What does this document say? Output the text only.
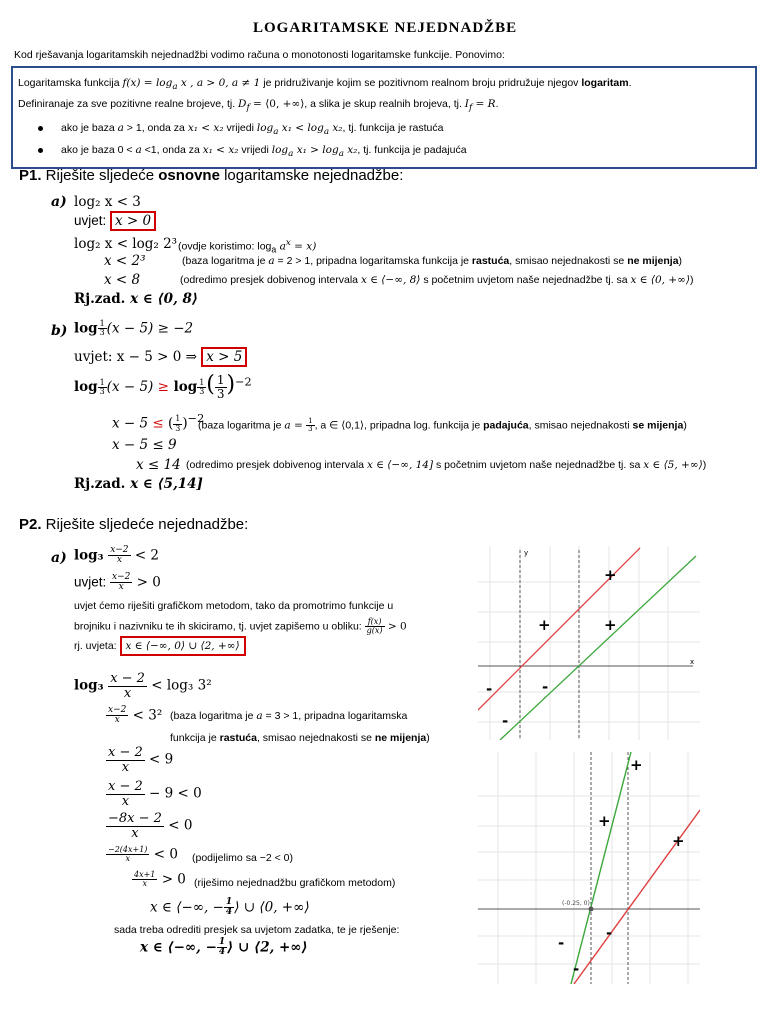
LOGARITAMSKE NEJEDNADŽBE
Kod rješavanja logaritamskih nejednadžbi vodimo računa o monotonosti logaritamske funkcije. Ponovimo:
Logaritamska funkcija $f(x) = \log_a x$ , a > 0, a ≠ 1 je pridruživanje kojim se pozitivnom realnom broju pridružuje njegov logaritam.
Definiranaje za sve pozitivne realne brojeve, tj. $D_f$ = ⟨0, +∞⟩, a slika je skup realnih brojeva, tj. $I_f = R$.
ako je baza a > 1, onda za x₁ < x₂ vrijedi $\log_a x_1 < \log_a x_2$, tj. funkcija je rastuća
ako je baza 0 < a <1, onda za x₁ < x₂ vrijedi $\log_a x_1 > \log_a x_2$, tj. funkcija je padajuća
P1. Riješite sljedeće osnovne logaritamske nejednadžbe:
a) log₂ x < 3
uvjet: x > 0
log₂ x < log₂ 2³ (ovdje koristimo: $\log_a a^x = x$)
x < 2³	(baza logaritma je a = 2 > 1, pripadna logaritamska funkcija je rastuća, smisao nejednakosti se ne mijenja)
x < 8	(odredimo presjek dobivenog intervala x ∈ ⟨−∞, 8⟩ s početnim uvjetom naše nejednadžbe tj. sa x ∈ ⟨0, +∞⟩)
Rj.zad. x ∈ ⟨0, 8⟩
b) $\log \frac{1}{3} (x - 5) \ge -2$
uvjet: x − 5 > 0 ⇒ x > 5
$\log \frac{1}{3} (x - 5) \ge \log \frac{1}{3}$ ( $\frac{1}{3} )^{-2}$
x − 5 ≤ ( $\frac{1}{3} )^{-2}$
(baza logaritma je $a = \frac{1}{3}$ , a ∈ ⟨0,1⟩, pripadna log. funkcija je padajuća, smisao nejednakosti se mijenja)
x − 5 ≤ 9
x ≤ 14 (odredimo presjek dobivenog intervala x ∈ ⟨−∞, 14] s početnim uvjetom naše nejednadžbe tj. sa x ∈ ⟨5, +∞⟩)
Rj.zad. x ∈ ⟨5,14]
P2. Riješite sljedeće nejednadžbe:
a) $\log_3 \frac{x-2}{x} < 2$
uvjet: $\frac{x-2}{x} > 0$
uvjet ćemo riješiti grafičkom metodom, tako da promotrimo funkcije u
brojniku i nazivniku te ih skiciramo, tj. uvjet zapišemo u obliku: $\frac{f(x)}{g(x)} > 0$
rj. uvjeta: x ∈ ⟨−∞, 0⟩ ∪ ⟨2, +∞⟩
$\log_3 \frac{x - 2}{x} < \log_3$ 3²
$\frac{x-2}{x} < 3^2$ (baza logaritma je a = 3 > 1, pripadna logaritamska
funkcija je rastuća, smisao nejednakosti se ne mijenja)
$\frac{x - 2}{x} < 9$
$\frac{x - 2}{x} - 9 < 0$
$\frac{-8x - 2}{x} < 0$
$\frac{-2(4x+1)}{x} < 0$ (podijelimo sa −2 < 0)
$\frac{4x+1}{x} > 0$ (riješimo nejednadžbu grafičkom metodom)
x ∈ ⟨−∞, − $\frac{1}{4}$ ⟩ ∪ ⟨0, +∞⟩
sada treba odrediti presjek sa uvjetom zadatka, te je rješenje:
x ∈ ⟨−∞, − $\frac{1}{4}$ ⟩ ∪ ⟨2, +∞⟩
y
x
+
+	+
-	-
-
(-0.25, 0)
+
+
+
-
-
-
